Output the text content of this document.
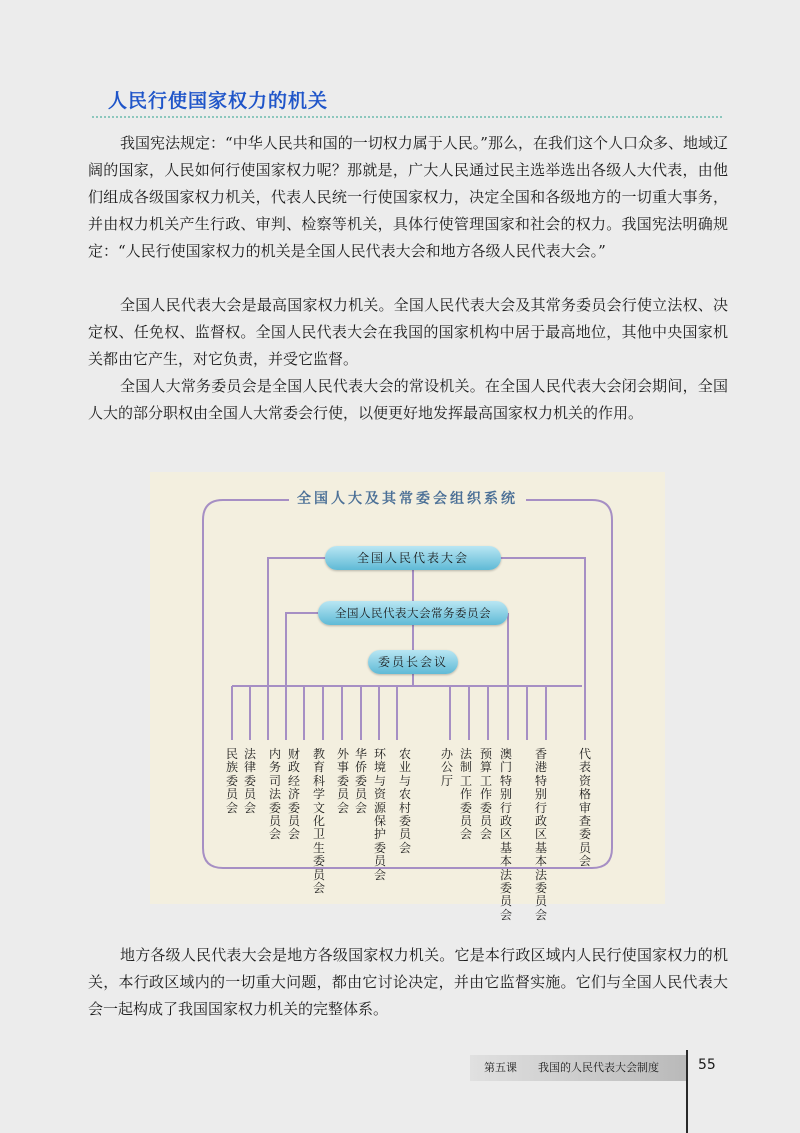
人民行使国家权力的机关

我国宪法规定：“中华人民共和国的一切权力属于人民。”那么，在我们这个人口众多、地域辽阔的国家，人民如何行使国家权力呢？那就是，广大人民通过民主选举选出各级人大代表，由他们组成各级国家权力机关，代表人民统一行使国家权力，决定全国和各级地方的一切重大事务，并由权力机关产生行政、审判、检察等机关，具体行使管理国家和社会的权力。我国宪法明确规定：“人民行使国家权力的机关是全国人民代表大会和地方各级人民代表大会。”

全国人民代表大会是最高国家权力机关。全国人民代表大会及其常务委员会行使立法权、决定权、任免权、监督权。全国人民代表大会在我国的国家机构中居于最高地位，其他中央国家机关都由它产生，对它负责，并受它监督。

全国人大常务委员会是全国人民代表大会的常设机关。在全国人民代表大会闭会期间，全国人大的部分职权由全国人大常委会行使，以便更好地发挥最高国家权力机关的作用。

全国人大及其常委会组织系统
全国人民代表大会
全国人民代表大会常务委员会
委员长会议
民族委员会
法律委员会
内务司法委员会
财政经济委员会
教育科学文化卫生委员会
外事委员会
华侨委员会
环境与资源保护委员会
农业与农村委员会
办公厅
法制工作委员会
预算工作委员会
澳门特别行政区基本法委员会
香港特别行政区基本法委员会
代表资格审查委员会

地方各级人民代表大会是地方各级国家权力机关。它是本行政区域内人民行使国家权力的机关，本行政区域内的一切重大问题，都由它讨论决定，并由它监督实施。它们与全国人民代表大会一起构成了我国国家权力机关的完整体系。

第五课 我国的人民代表大会制度	55
